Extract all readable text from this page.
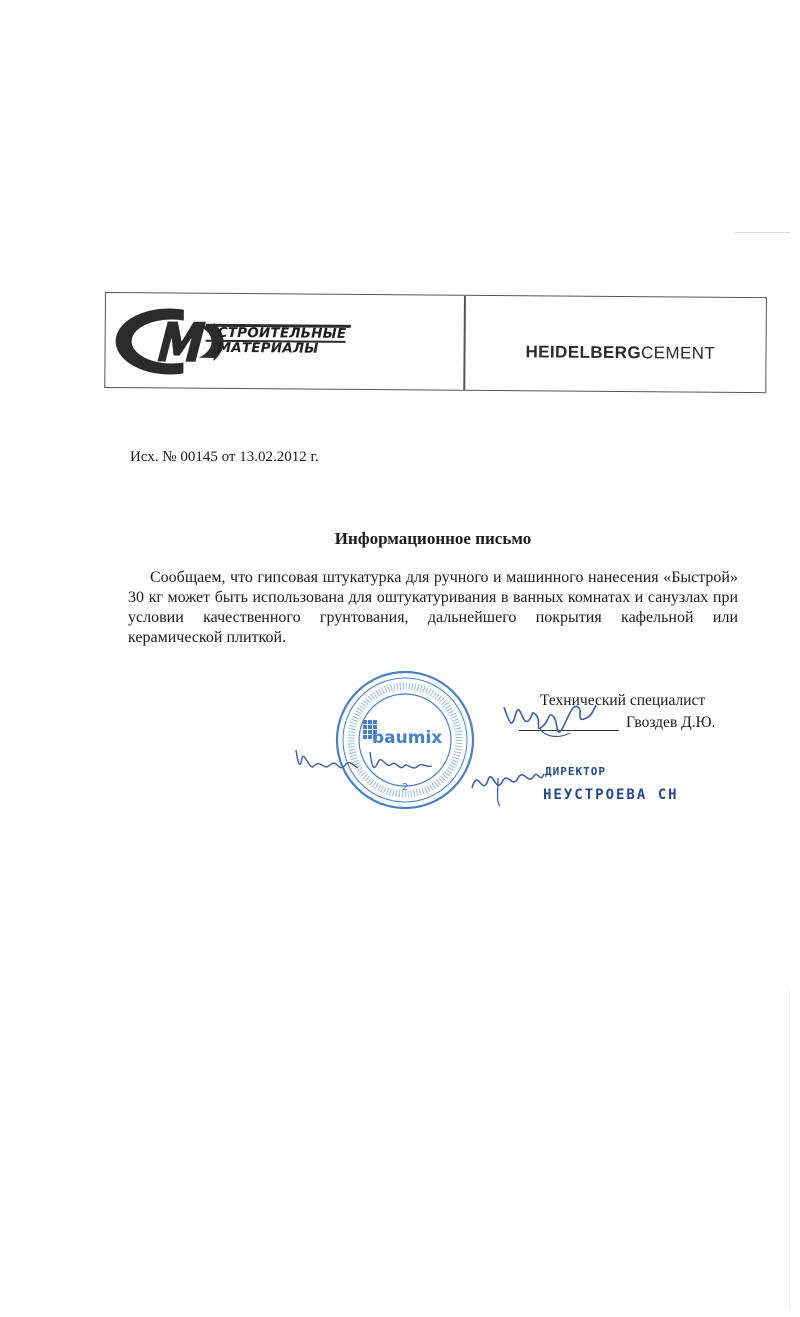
СТРОИТЕЛЬНЫЕ
МАТЕРИАЛЫ	HEIDELBERGCEMENT
Исх. № 00145 от 13.02.2012 г.
Информационное письмо

Сообщаем, что гипсовая штукатурка для ручного и машинного нанесения «Быстрой» 30 кг может быть использована для оштукатуривания в ванных комнатах и санузлах при условии качественного грунтования, дальнейшего покрытия кафельной или керамической плиткой.

baumix
2
Технический специалист
Гвоздев Д.Ю.
ДИРЕКТОР
НЕУСТРОЕВА СН
